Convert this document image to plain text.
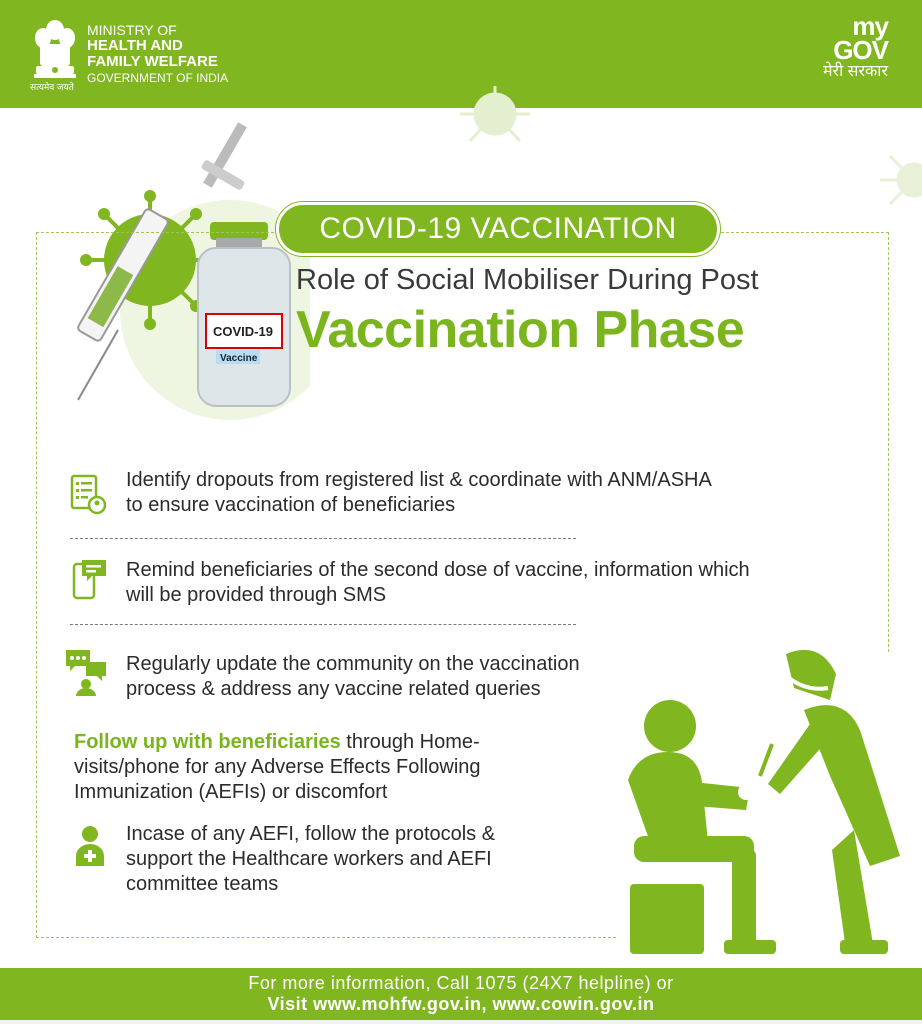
सत्यमेव जयते
MINISTRY OF
HEALTH AND
FAMILY WELFARE
GOVERNMENT OF INDIA
my
GOV
मेरी सरकार
COVID-19
Vaccine
COVID-19 VACCINATION
Role of Social Mobiliser During Post
Vaccination Phase
Identify dropouts from registered list & coordinate with ANM/ASHA
to ensure vaccination of beneficiaries
Remind beneficiaries of the second dose of vaccine, information which
will be provided through SMS
Regularly update the community on the vaccination
process & address any vaccine related queries
Follow up with beneficiaries through Home-visits/phone for any Adverse Effects Following Immunization (AEFIs) or discomfort
Incase of any AEFI, follow the protocols &
support the Healthcare workers and AEFI
committee teams
For more information, Call 1075 (24X7 helpline) or
Visit www.mohfw.gov.in, www.cowin.gov.in
